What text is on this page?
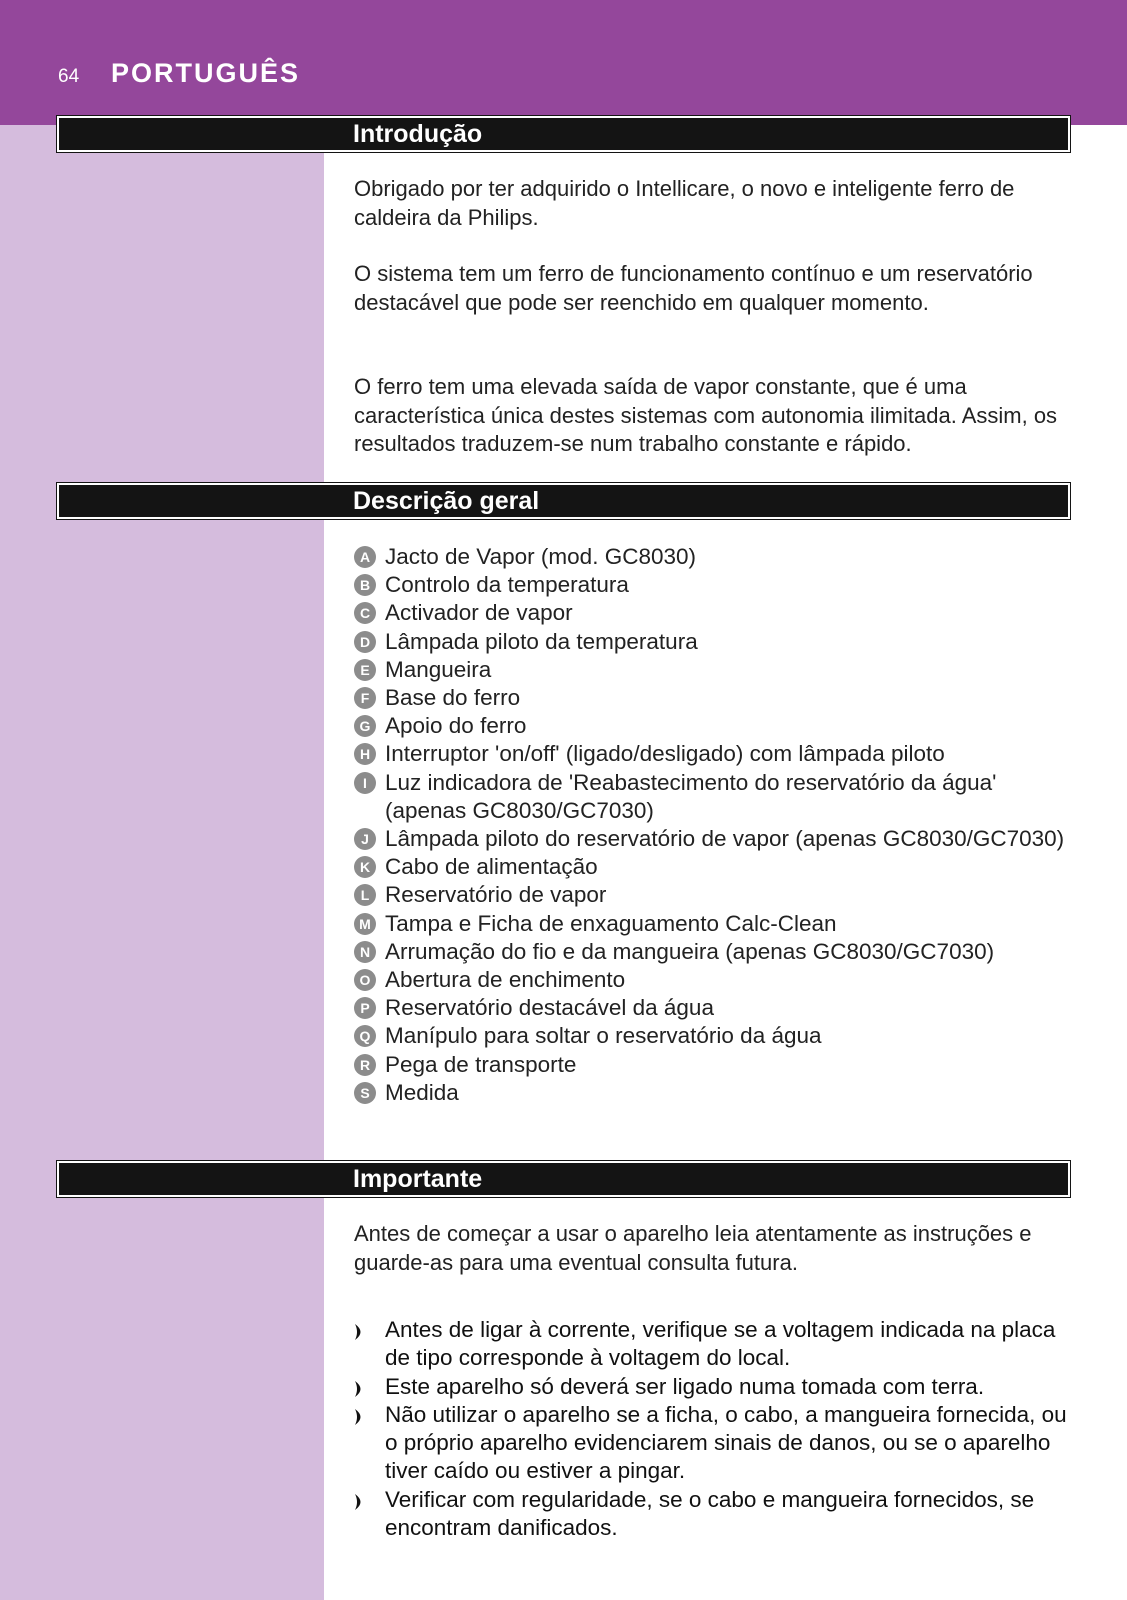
64 PORTUGUÊS
Introdução

Obrigado por ter adquirido o Intellicare, o novo e inteligente ferro de caldeira da Philips.

O sistema tem um ferro de funcionamento contínuo e um reservatório destacável que pode ser reenchido em qualquer momento.

O ferro tem uma elevada saída de vapor constante, que é uma característica única destes sistemas com autonomia ilimitada. Assim, os resultados traduzem-se num trabalho constante e rápido.

Descrição geral
A Jacto de Vapor (mod. GC8030)
B Controlo da temperatura
C Activador de vapor
D Lâmpada piloto da temperatura
E Mangueira
F Base do ferro
G Apoio do ferro
H Interruptor 'on/off' (ligado/desligado) com lâmpada piloto
I Luz indicadora de 'Reabastecimento do reservatório da água' (apenas GC8030/GC7030)
J Lâmpada piloto do reservatório de vapor (apenas GC8030/GC7030)
K Cabo de alimentação
L Reservatório de vapor
M Tampa e Ficha de enxaguamento Calc-Clean
N Arrumação do fio e da mangueira (apenas GC8030/GC7030)
O Abertura de enchimento
P Reservatório destacável da água
Q Manípulo para soltar o reservatório da água
R Pega de transporte
S Medida
Importante

Antes de começar a usar o aparelho leia atentamente as instruções e guarde-as para uma eventual consulta futura.

Antes de ligar à corrente, verifique se a voltagem indicada na placa de tipo corresponde à voltagem do local.
Este aparelho só deverá ser ligado numa tomada com terra.
Não utilizar o aparelho se a ficha, o cabo, a mangueira fornecida, ou o próprio aparelho evidenciarem sinais de danos, ou se o aparelho tiver caído ou estiver a pingar.
Verificar com regularidade, se o cabo e mangueira fornecidos, se encontram danificados.
